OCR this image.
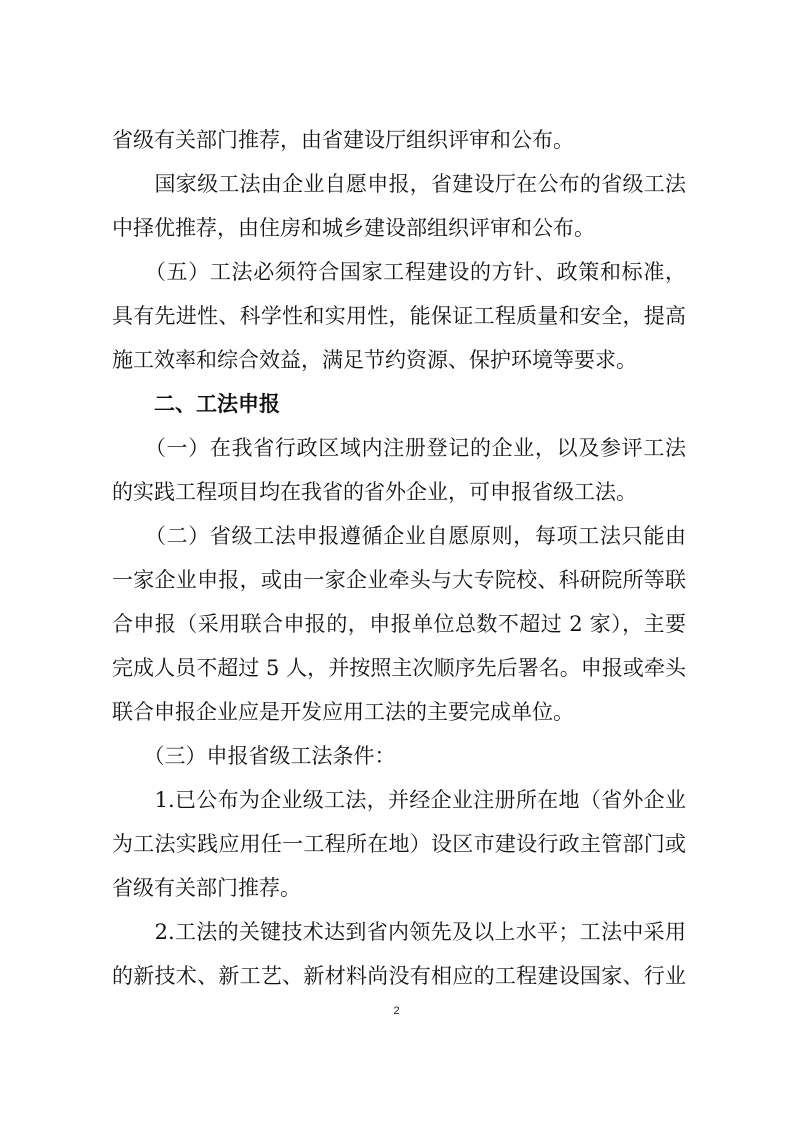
省级有关部门推荐，由省建设厅组织评审和公布。
　　国家级工法由企业自愿申报，省建设厅在公布的省级工法
中择优推荐，由住房和城乡建设部组织评审和公布。
　　（五）工法必须符合国家工程建设的方针、政策和标准，
具有先进性、科学性和实用性，能保证工程质量和安全，提高
施工效率和综合效益，满足节约资源、保护环境等要求。
　　二、工法申报
　　（一）在我省行政区域内注册登记的企业，以及参评工法
的实践工程项目均在我省的省外企业，可申报省级工法。
　　（二）省级工法申报遵循企业自愿原则，每项工法只能由
一家企业申报，或由一家企业牵头与大专院校、科研院所等联
合申报（采用联合申报的，申报单位总数不超过 2 家），主要
完成人员不超过 5 人，并按照主次顺序先后署名。申报或牵头
联合申报企业应是开发应用工法的主要完成单位。
　　（三）申报省级工法条件：
　　1.已公布为企业级工法，并经企业注册所在地（省外企业
为工法实践应用任一工程所在地）设区市建设行政主管部门或
省级有关部门推荐。
　　2.工法的关键技术达到省内领先及以上水平；工法中采用
的新技术、新工艺、新材料尚没有相应的工程建设国家、行业
2
